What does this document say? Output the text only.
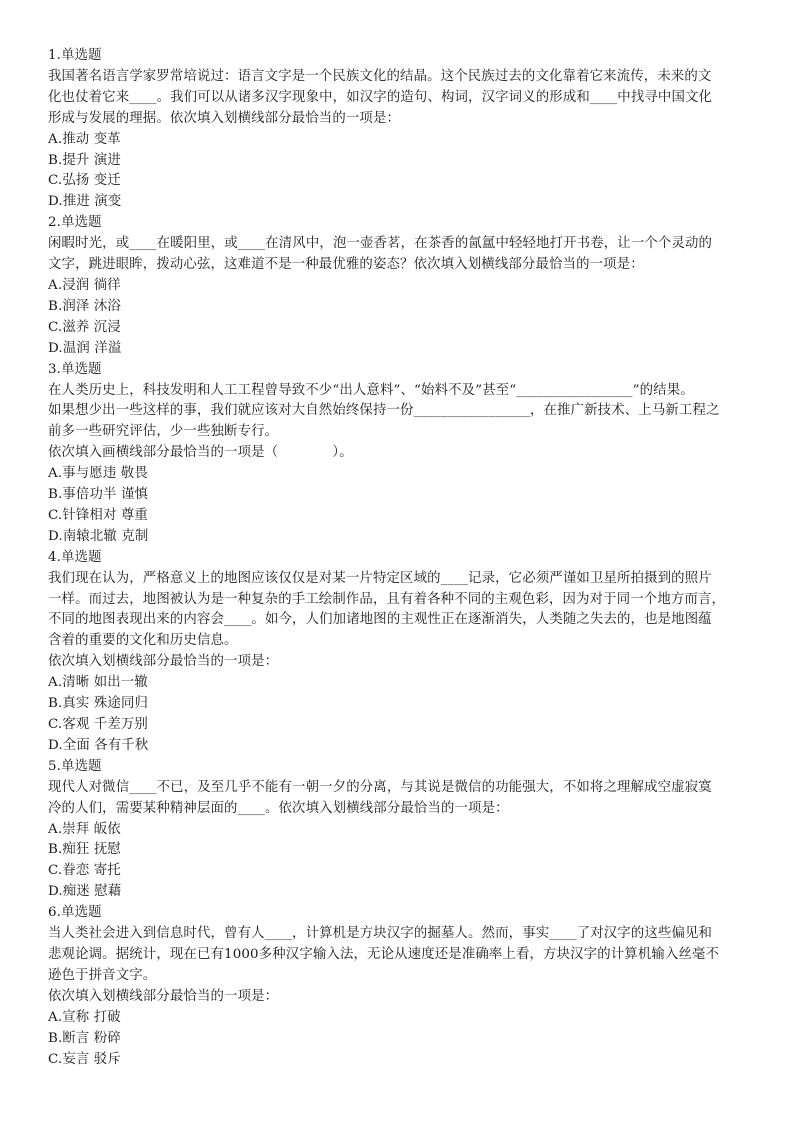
1.单选题
我国著名语言学家罗常培说过：语言文字是一个民族文化的结晶。这个民族过去的文化靠着它来流传，未来的文
化也仗着它来____。我们可以从诸多汉字现象中，如汉字的造句、构词，汉字词义的形成和____中找寻中国文化
形成与发展的理据。依次填入划横线部分最恰当的一项是：
A.推动 变革
B.提升 演进
C.弘扬 变迁
D.推进 演变
2.单选题
闲暇时光，或____在暖阳里，或____在清风中，泡一壶香茗，在茶香的氤氲中轻轻地打开书卷，让一个个灵动的
文字，跳进眼眸，拨动心弦，这难道不是一种最优雅的姿态？依次填入划横线部分最恰当的一项是：
A.浸润 徜徉
B.润泽 沐浴
C.滋养 沉浸
D.温润 洋溢
3.单选题
在人类历史上，科技发明和人工工程曾导致不少“出人意料”、“始料不及”甚至“_________________”的结果。
如果想少出一些这样的事，我们就应该对大自然始终保持一份_________________，在推广新技术、上马新工程之
前多一些研究评估，少一些独断专行。
依次填入画横线部分最恰当的一项是（　　　　）。
A.事与愿违 敬畏
B.事倍功半 谨慎
C.针锋相对 尊重
D.南辕北辙 克制
4.单选题
我们现在认为，严格意义上的地图应该仅仅是对某一片特定区域的____记录，它必须严谨如卫星所拍摄到的照片
一样。而过去，地图被认为是一种复杂的手工绘制作品，且有着各种不同的主观色彩，因为对于同一个地方而言，
不同的地图表现出来的内容会____。如今，人们加诸地图的主观性正在逐渐消失，人类随之失去的，也是地图蕴
含着的重要的文化和历史信息。
依次填入划横线部分最恰当的一项是：
A.清晰 如出一辙
B.真实 殊途同归
C.客观 千差万别
D.全面 各有千秋
5.单选题
现代人对微信____不已，及至几乎不能有一朝一夕的分离，与其说是微信的功能强大，不如将之理解成空虚寂寞
冷的人们，需要某种精神层面的____。依次填入划横线部分最恰当的一项是：
A.崇拜 皈依
B.痴狂 抚慰
C.眷恋 寄托
D.痴迷 慰藉
6.单选题
当人类社会进入到信息时代，曾有人____，计算机是方块汉字的掘墓人。然而，事实____了对汉字的这些偏见和
悲观论调。据统计，现在已有1000多种汉字输入法，无论从速度还是准确率上看，方块汉字的计算机输入丝毫不
逊色于拼音文字。
依次填入划横线部分最恰当的一项是：
A.宣称 打破
B.断言 粉碎
C.妄言 驳斥
